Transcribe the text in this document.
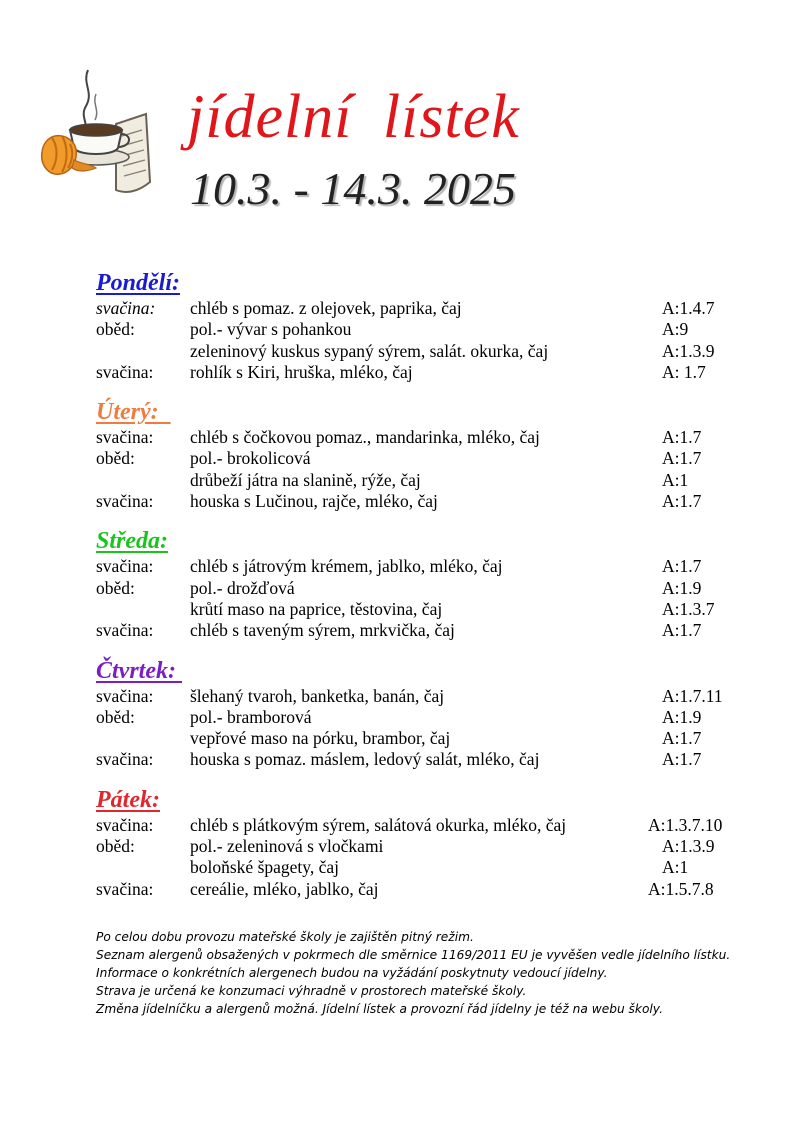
jídelní lístek
10.3. - 14.3. 2025
Pondělí:
svačina: chléb s pomaz. z olejovek, paprika, čaj	A:1.4.7
oběd:	pol.- vývar s pohankou	A:9
zeleninový kuskus sypaný sýrem, salát. okurka, čaj	A:1.3.9
svačina: rohlík s Kiri, hruška, mléko, čaj	A: 1.7
Úterý:
svačina: chléb s čočkovou pomaz., mandarinka, mléko, čaj	A:1.7
oběd:	pol.- brokolicová	A:1.7
drůbeží játra na slanině, rýže, čaj	A:1
svačina: houska s Lučinou, rajče, mléko, čaj	A:1.7
Středa:
svačina: chléb s játrovým krémem, jablko, mléko, čaj	A:1.7
oběd:	pol.- drožďová	A:1.9
krůtí maso na paprice, těstovina, čaj	A:1.3.7
svačina: chléb s taveným sýrem, mrkvička, čaj	A:1.7
Čtvrtek:
svačina: šlehaný tvaroh, banketka, banán, čaj	A:1.7.11
oběd:	pol.- bramborová	A:1.9
vepřové maso na pórku, brambor, čaj	A:1.7
svačina: houska s pomaz. máslem, ledový salát, mléko, čaj	A:1.7
Pátek:
svačina: chléb s plátkovým sýrem, salátová okurka, mléko, čaj	A:1.3.7.10
oběd:	pol.- zeleninová s vločkami	A:1.3.9
boloňské špagety, čaj	A:1
svačina: cereálie, mléko, jablko, čaj	A:1.5.7.8
Po celou dobu provozu mateřské školy je zajištěn pitný režim.
Seznam alergenů obsažených v pokrmech dle směrnice 1169/2011 EU je vyvěšen vedle jídelního lístku.
Informace o konkrétních alergenech budou na vyžádání poskytnuty vedoucí jídelny.
Strava je určená ke konzumaci výhradně v prostorech mateřské školy.
Změna jídelníčku a alergenů možná. Jídelní lístek a provozní řád jídelny je též na webu školy.
